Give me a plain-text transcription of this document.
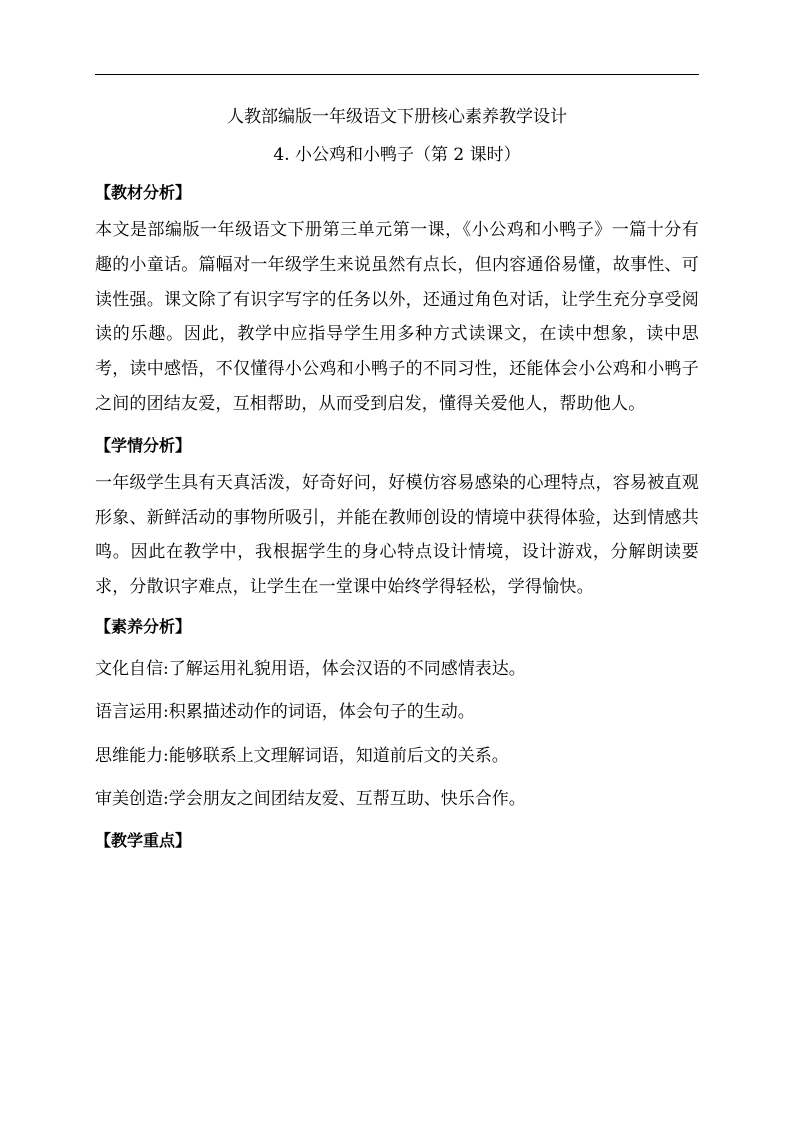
人教部编版一年级语文下册核心素养教学设计

4. 小公鸡和小鸭子（第 2 课时）

【教材分析】

本文是部编版一年级语文下册第三单元第一课，《小公鸡和小鸭子》一篇十分有趣的小童话。篇幅对一年级学生来说虽然有点长，但内容通俗易懂，故事性、可读性强。课文除了有识字写字的任务以外，还通过角色对话，让学生充分享受阅读的乐趣。因此，教学中应指导学生用多种方式读课文，在读中想象，读中思考，读中感悟，不仅懂得小公鸡和小鸭子的不同习性，还能体会小公鸡和小鸭子之间的团结友爱，互相帮助，从而受到启发，懂得关爱他人，帮助他人。

【学情分析】

一年级学生具有天真活泼，好奇好问，好模仿容易感染的心理特点，容易被直观形象、新鲜活动的事物所吸引，并能在教师创设的情境中获得体验，达到情感共鸣。因此在教学中，我根据学生的身心特点设计情境，设计游戏，分解朗读要求，分散识字难点，让学生在一堂课中始终学得轻松，学得愉快。

【素养分析】

文化自信:了解运用礼貌用语，体会汉语的不同感情表达。

语言运用:积累描述动作的词语，体会句子的生动。

思维能力:能够联系上文理解词语，知道前后文的关系。

审美创造:学会朋友之间团结友爱、互帮互助、快乐合作。

【教学重点】
